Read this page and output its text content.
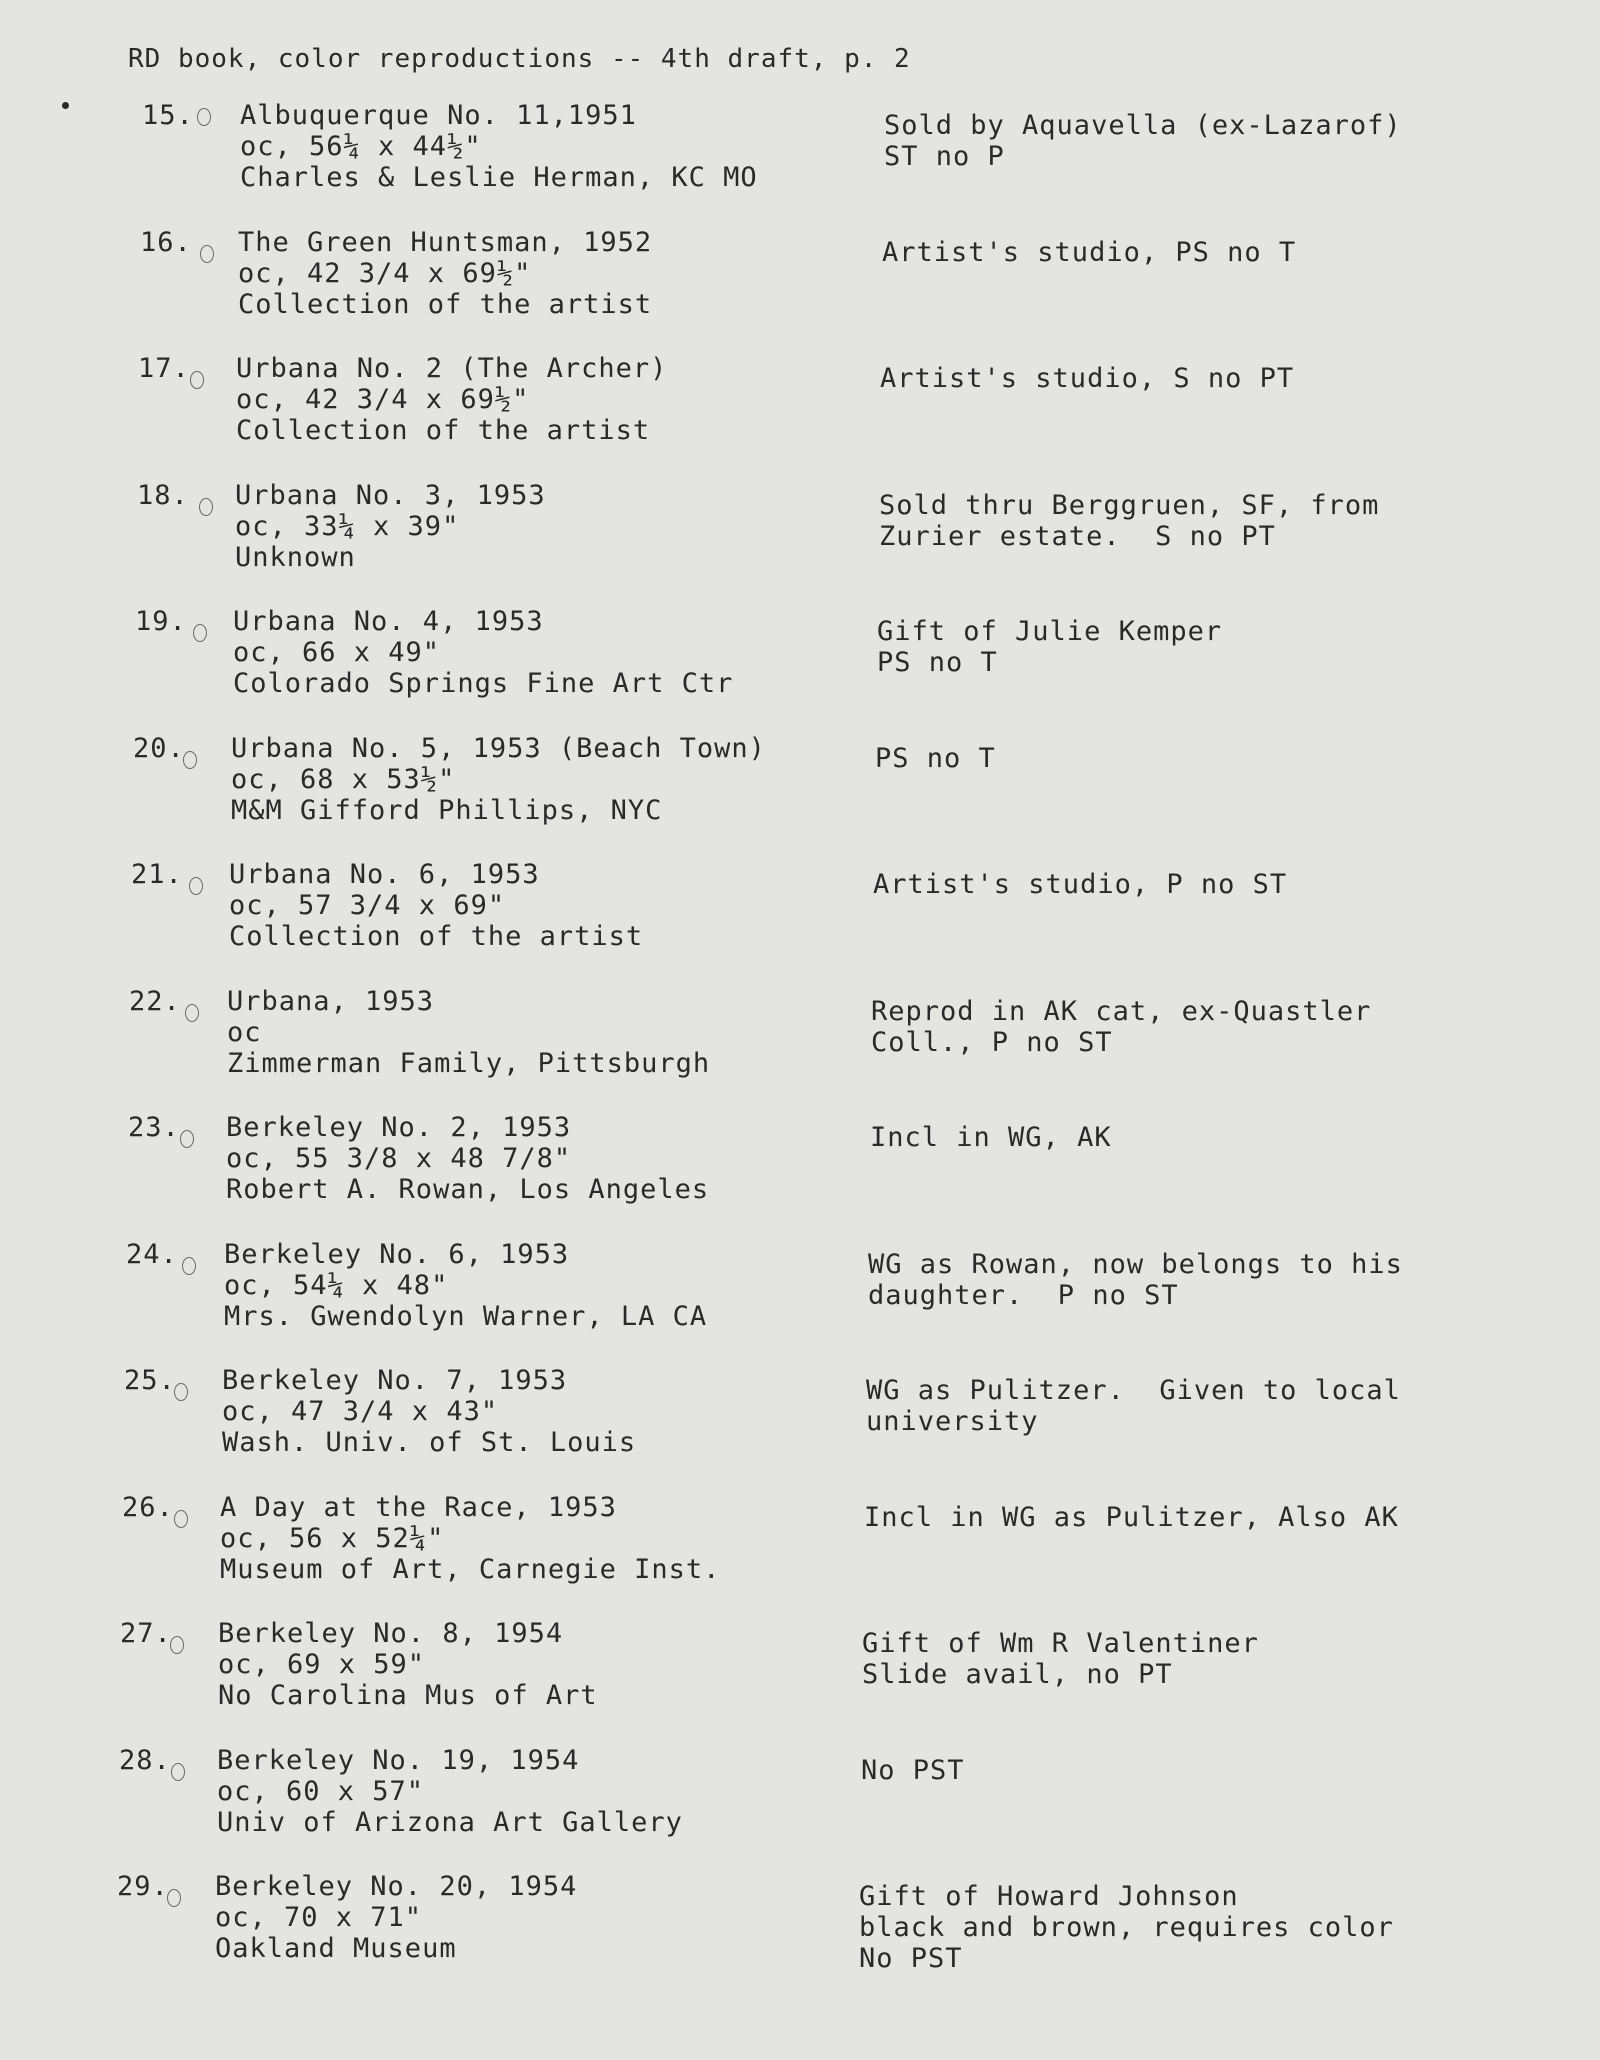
RD book, color reproductions -- 4th draft, p. 2
15. Albuquerque No. 11,1951
oc, 56¼ x 44½"
Charles & Leslie Herman, KC MO
Sold by Aquavella (ex-Lazarof)
ST no P
16. The Green Huntsman, 1952
oc, 42 3/4 x 69½"
Collection of the artist
Artist's studio, PS no T
17. Urbana No. 2 (The Archer)
oc, 42 3/4 x 69½"
Collection of the artist
Artist's studio, S no PT
18. Urbana No. 3, 1953
oc, 33¼ x 39"
Unknown
Sold thru Berggruen, SF, from
Zurier estate.  S no PT
19. Urbana No. 4, 1953
oc, 66 x 49"
Colorado Springs Fine Art Ctr
Gift of Julie Kemper
PS no T
20. Urbana No. 5, 1953 (Beach Town)
oc, 68 x 53½"
M&M Gifford Phillips, NYC
PS no T
21. Urbana No. 6, 1953
oc, 57 3/4 x 69"
Collection of the artist
Artist's studio, P no ST
22. Urbana, 1953
oc
Zimmerman Family, Pittsburgh
Reprod in AK cat, ex-Quastler
Coll., P no ST
23. Berkeley No. 2, 1953
oc, 55 3/8 x 48 7/8"
Robert A. Rowan, Los Angeles
Incl in WG, AK
24. Berkeley No. 6, 1953
oc, 54¼ x 48"
Mrs. Gwendolyn Warner, LA CA
WG as Rowan, now belongs to his
daughter.  P no ST
25. Berkeley No. 7, 1953
oc, 47 3/4 x 43"
Wash. Univ. of St. Louis
WG as Pulitzer.  Given to local
university
26. A Day at the Race, 1953
oc, 56 x 52¼"
Museum of Art, Carnegie Inst.
Incl in WG as Pulitzer, Also AK
27. Berkeley No. 8, 1954
oc, 69 x 59"
No Carolina Mus of Art
Gift of Wm R Valentiner
Slide avail, no PT
28. Berkeley No. 19, 1954
oc, 60 x 57"
Univ of Arizona Art Gallery
No PST
29. Berkeley No. 20, 1954
oc, 70 x 71"
Oakland Museum
Gift of Howard Johnson
black and brown, requires color
No PST
